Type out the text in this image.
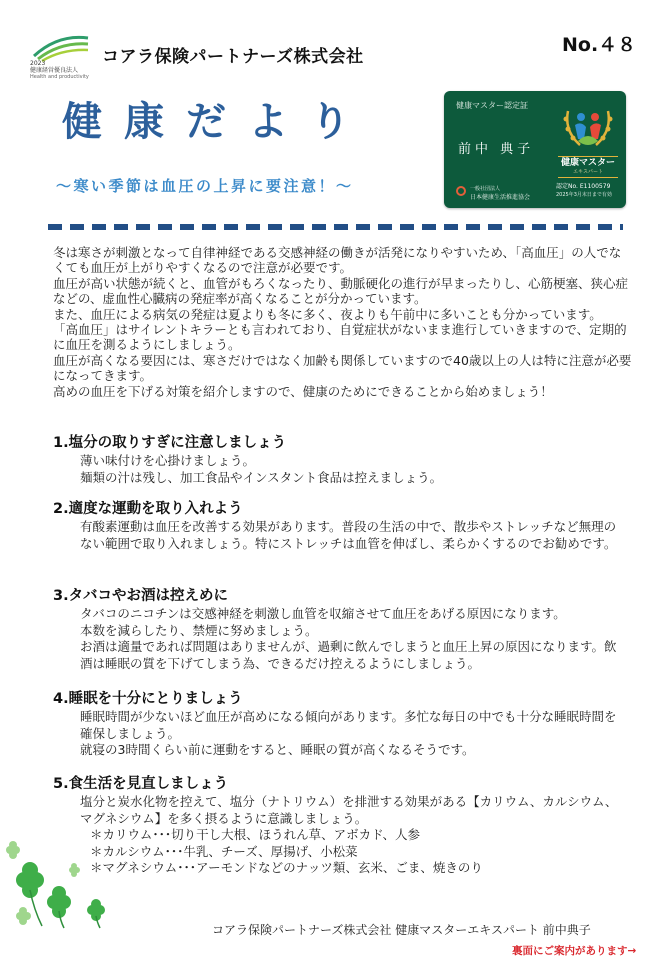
2023
健康経営優良法人
Health and productivity
コアラ保険パートナーズ株式会社
No.４８
健康だより
〜寒い季節は血圧の上昇に要注意！〜
健康マスター認定証
前中 典子
健康マスター
エキスパート
一般社団法人
日本健康生活推進協会
認定No. E1100579
2025年3月末日まで有効

冬は寒さが刺激となって自律神経である交感神経の働きが活発になりやすいため、「高血圧」の人でなくても血圧が上がりやすくなるので注意が必要です。

血圧が高い状態が続くと、血管がもろくなったり、動脈硬化の進行が早まったりし、心筋梗塞、狭心症などの、虚血性心臓病の発症率が高くなることが分かっています。

また、血圧による病気の発症は夏よりも冬に多く、夜よりも午前中に多いことも分かっています。

「高血圧」はサイレントキラーとも言われており、自覚症状がないまま進行していきますので、定期的に血圧を測るようにしましょう。

血圧が高くなる要因には、寒さだけではなく加齢も関係していますので40歳以上の人は特に注意が必要になってきます。

高めの血圧を下げる対策を紹介しますので、健康のためにできることから始めましょう！

1.塩分の取りすぎに注意しましょう

薄い味付けを心掛けましょう。

麺類の汁は残し、加工食品やインスタント食品は控えましょう。

2.適度な運動を取り入れよう

有酸素運動は血圧を改善する効果があります。普段の生活の中で、散歩やストレッチなど無理のない範囲で取り入れましょう。特にストレッチは血管を伸ばし、柔らかくするのでお勧めです。

3.タバコやお酒は控えめに

タバコのニコチンは交感神経を刺激し血管を収縮させて血圧をあげる原因になります。

本数を減らしたり、禁煙に努めましょう。

お酒は適量であれば問題はありませんが、過剰に飲んでしまうと血圧上昇の原因になります。飲酒は睡眠の質を下げてしまう為、できるだけ控えるようにしましょう。

4.睡眠を十分にとりましょう

睡眠時間が少ないほど血圧が高めになる傾向があります。多忙な毎日の中でも十分な睡眠時間を確保しましょう。

就寝の3時間くらい前に運動をすると、睡眠の質が高くなるそうです。

5.食生活を見直しましょう

塩分と炭水化物を控えて、塩分（ナトリウム）を排泄する効果がある【カリウム、カルシウム、マグネシウム】を多く摂るように意識しましょう。

＊カリウム･･･切り干し大根、ほうれん草、アボカド、人参

＊カルシウム･･･牛乳、チーズ、厚揚げ、小松菜

＊マグネシウム･･･アーモンドなどのナッツ類、玄米、ごま、焼きのり

コアラ保険パートナーズ株式会社 健康マスターエキスパート 前中典子
裏面にご案内があります→
